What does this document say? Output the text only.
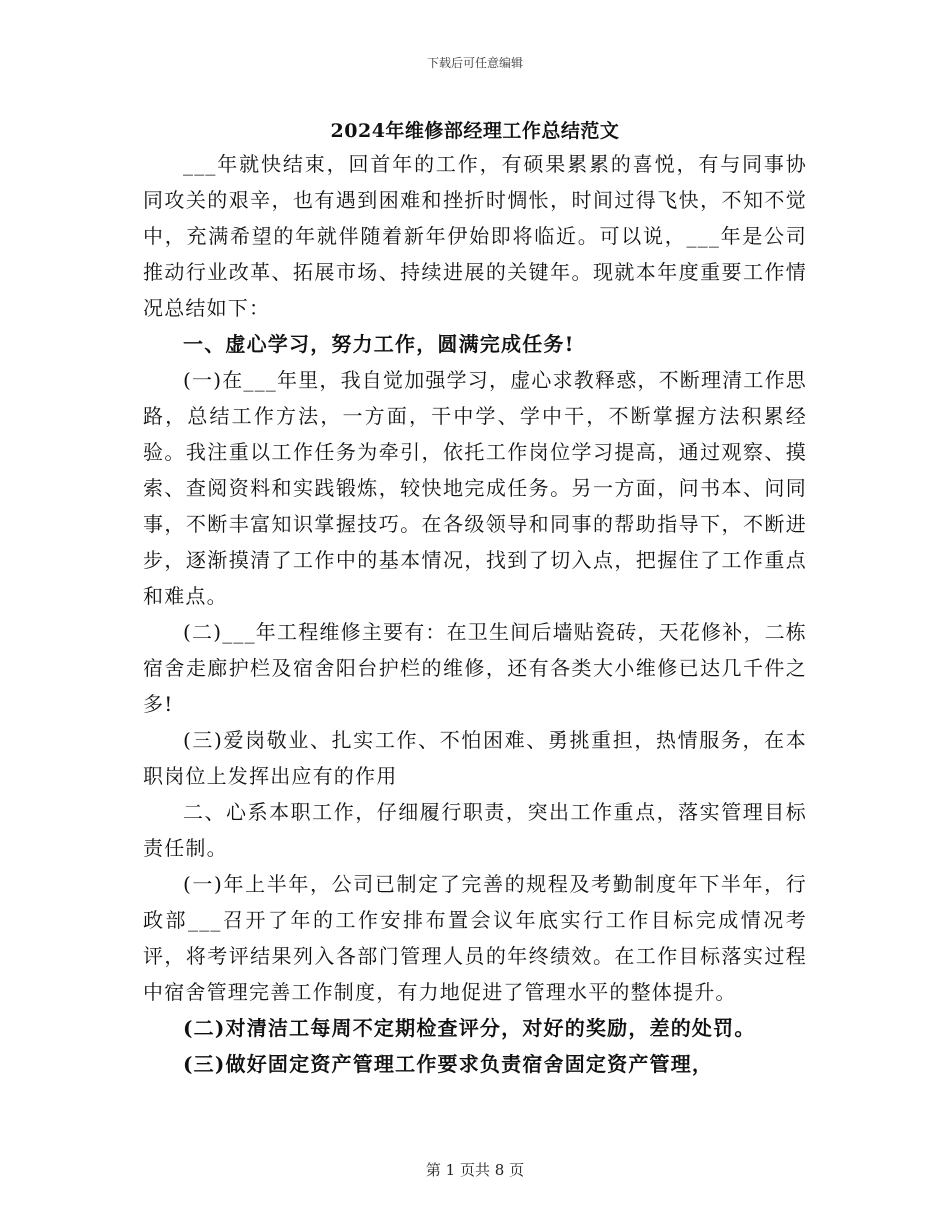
下载后可任意编辑
2024年维修部经理工作总结范文

___年就快结束，回首年的工作，有硕果累累的喜悦，有与同事协同攻关的艰辛，也有遇到困难和挫折时惆怅，时间过得飞快，不知不觉中，充满希望的年就伴随着新年伊始即将临近。可以说，___年是公司推动行业改革、拓展市场、持续进展的关键年。现就本年度重要工作情况总结如下：

一、虚心学习，努力工作，圆满完成任务!

(一)在___年里，我自觉加强学习，虚心求教释惑，不断理清工作思路，总结工作方法，一方面，干中学、学中干，不断掌握方法积累经验。我注重以工作任务为牵引，依托工作岗位学习提高，通过观察、摸索、查阅资料和实践锻炼，较快地完成任务。另一方面，问书本、问同事，不断丰富知识掌握技巧。在各级领导和同事的帮助指导下，不断进步，逐渐摸清了工作中的基本情况，找到了切入点，把握住了工作重点和难点。

(二)___年工程维修主要有：在卫生间后墙贴瓷砖，天花修补，二栋宿舍走廊护栏及宿舍阳台护栏的维修，还有各类大小维修已达几千件之多!

(三)爱岗敬业、扎实工作、不怕困难、勇挑重担，热情服务，在本职岗位上发挥出应有的作用

二、心系本职工作，仔细履行职责，突出工作重点，落实管理目标责任制。

(一)年上半年，公司已制定了完善的规程及考勤制度年下半年，行政部___召开了年的工作安排布置会议年底实行工作目标完成情况考评，将考评结果列入各部门管理人员的年终绩效。在工作目标落实过程中宿舍管理完善工作制度，有力地促进了管理水平的整体提升。

(二)对清洁工每周不定期检查评分，对好的奖励，差的处罚。

(三)做好固定资产管理工作要求负责宿舍固定资产管理，

第 1 页共 8 页
